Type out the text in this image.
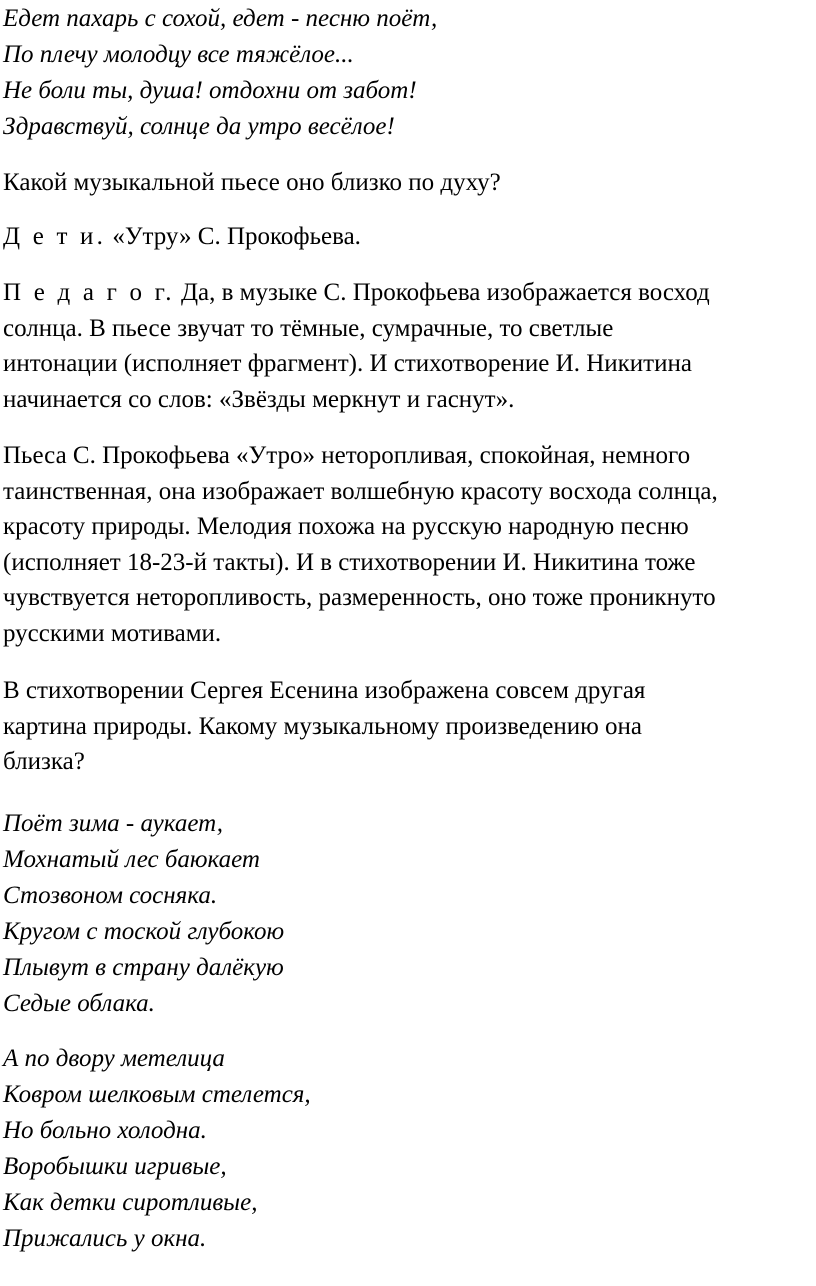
Едет пахарь с сохой, едет - песню поёт,
По плечу молодцу все тяжёлое...
Не боли ты, душа! отдохни от забот!
Здравствуй, солнце да утро весёлое!
Какой музыкальной пьесе оно близко по духу?
Д е т и. «Утру» С. Прокофьева.
П е д а г о г. Да, в музыке С. Прокофьева изображается восход
солнца. В пьесе звучат то тёмные, сумрачные, то светлые
интонации (исполняет фрагмент). И стихотворение И. Никитина
начинается со слов: «Звёзды меркнут и гаснут».
Пьеса С. Прокофьева «Утро» неторопливая, спокойная, немного
таинственная, она изображает волшебную красоту восхода солнца,
красоту природы. Мелодия похожа на русскую народную песню
(исполняет 18-23-й такты). И в стихотворении И. Никитина тоже
чувствуется неторопливость, размеренность, оно тоже проникнуто
русскими мотивами.
В стихотворении Сергея Есенина изображена совсем другая
картина природы. Какому музыкальному произведению она
близка?
Поёт зима - аукает,
Мохнатый лес баюкает
Стозвоном сосняка.
Кругом с тоской глубокою
Плывут в страну далёкую
Седые облака.
А по двору метелица
Ковром шелковым стелется,
Но больно холодна.
Воробышки игривые,
Как детки сиротливые,
Прижались у окна.
